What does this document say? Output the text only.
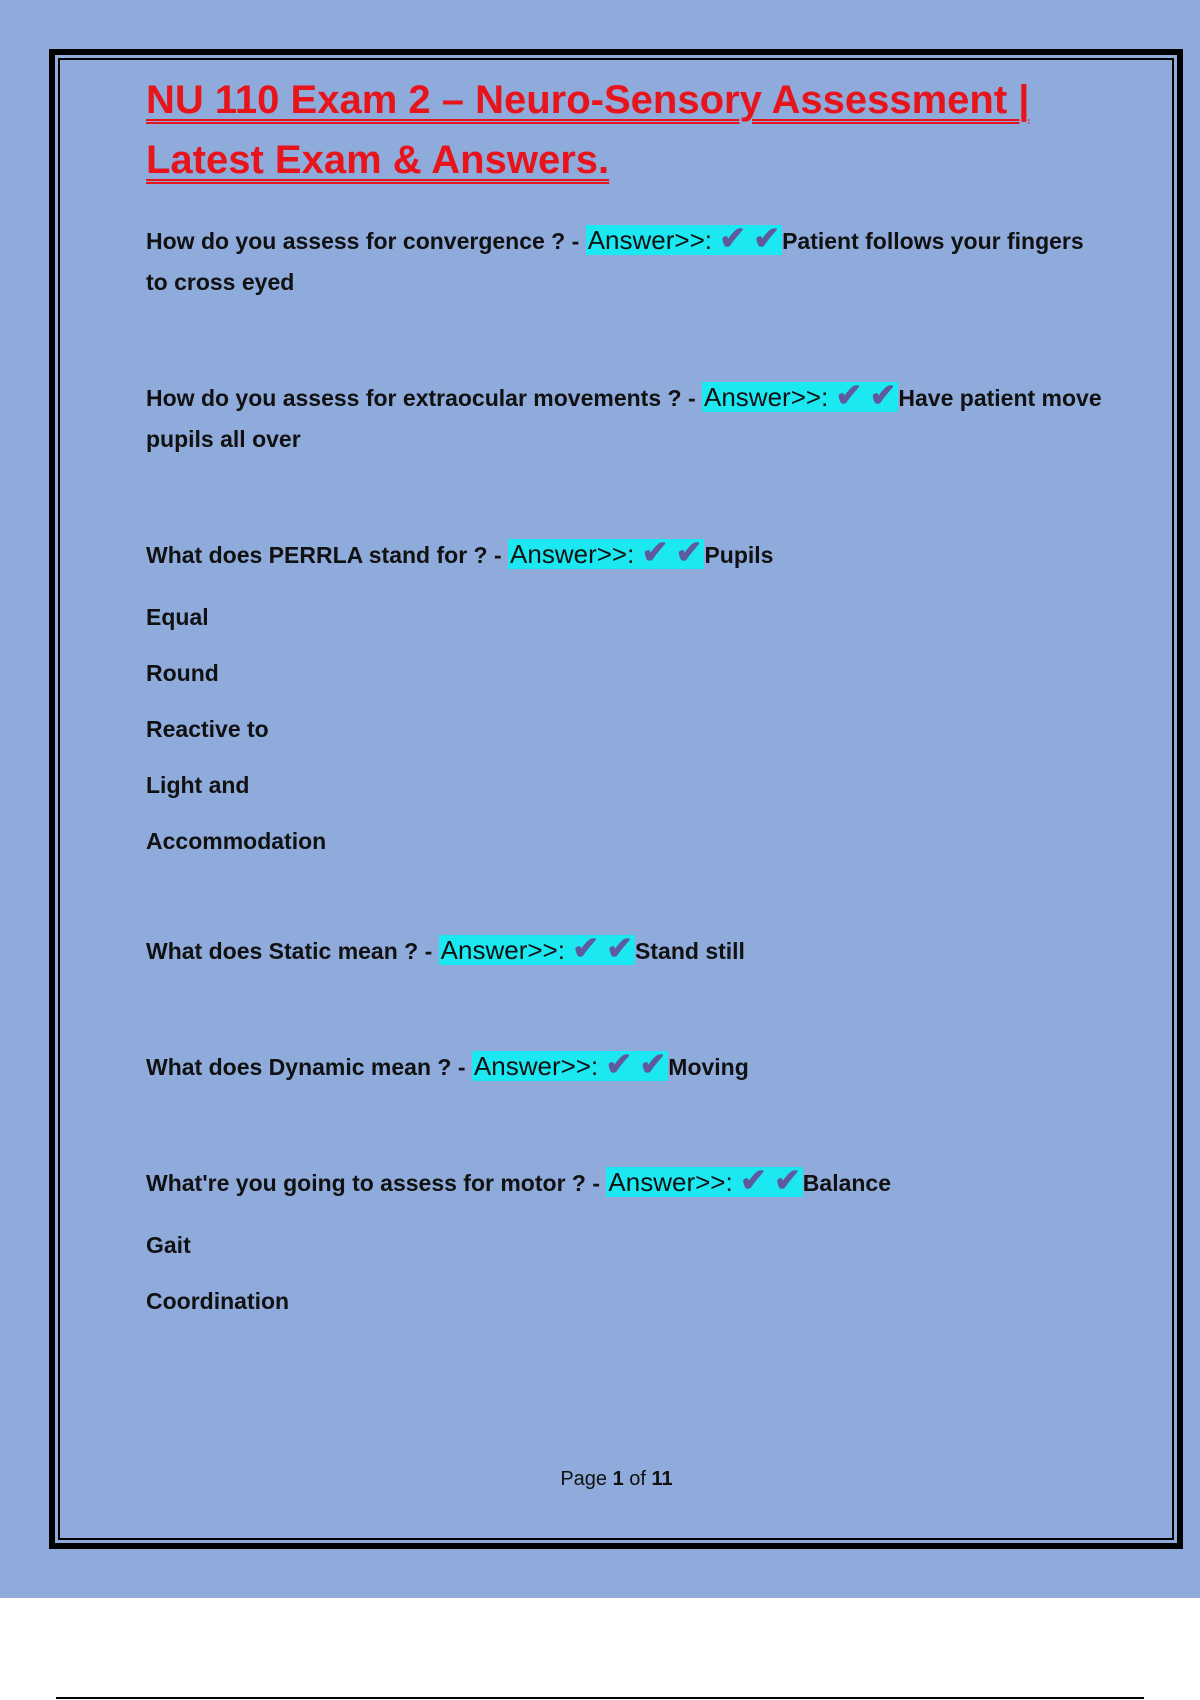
NU 110 Exam 2 – Neuro-Sensory Assessment |
Latest Exam & Answers.
How do you assess for convergence ? - Answer>>: ✔ ✔Patient follows your fingers to cross eyed
How do you assess for extraocular movements ? - Answer>>: ✔ ✔Have patient move pupils all over
What does PERRLA stand for ? - Answer>>: ✔ ✔Pupils
Equal
Round
Reactive to
Light and
Accommodation
What does Static mean ? - Answer>>: ✔ ✔Stand still
What does Dynamic mean ? - Answer>>: ✔ ✔Moving
What're you going to assess for motor ? - Answer>>: ✔ ✔Balance
Gait
Coordination
Page 1 of 11
